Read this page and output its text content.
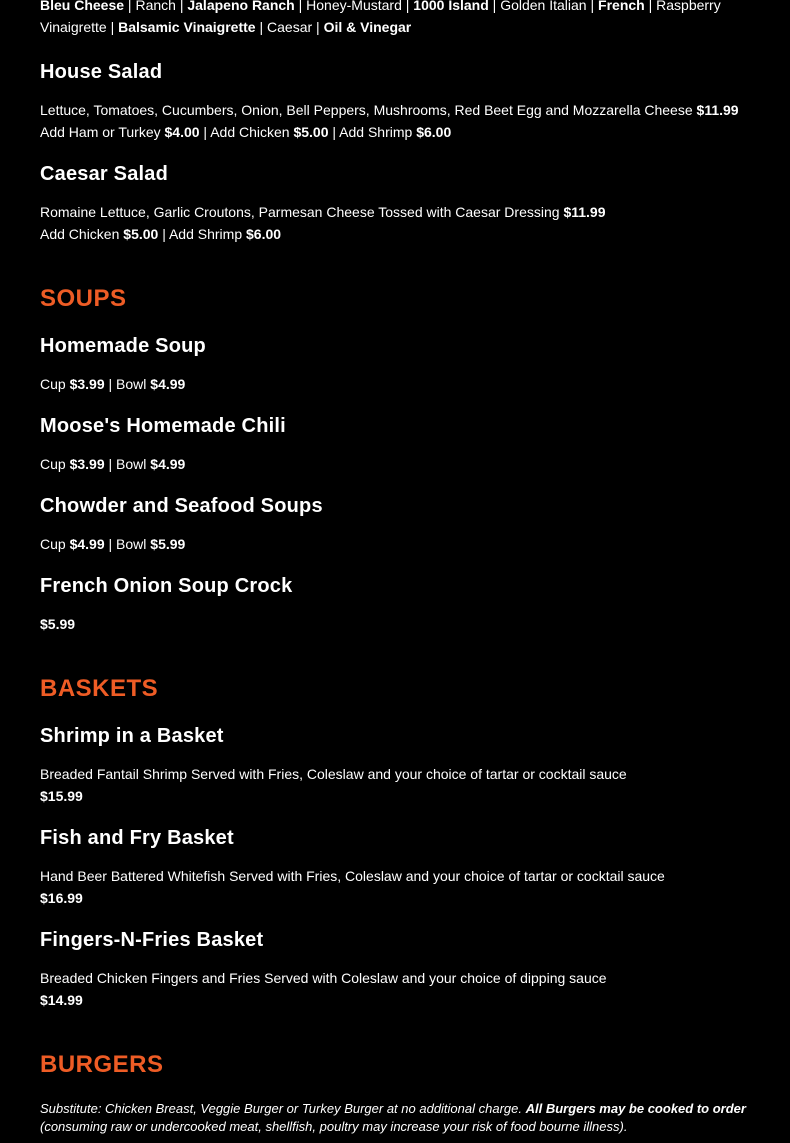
Bleu Cheese | Ranch | Jalapeno Ranch | Honey-Mustard | 1000 Island | Golden Italian | French | Raspberry Vinaigrette | Balsamic Vinaigrette | Caesar | Oil & Vinegar
House Salad
Lettuce, Tomatoes, Cucumbers, Onion, Bell Peppers, Mushrooms, Red Beet Egg and Mozzarella Cheese $11.99
Add Ham or Turkey $4.00 | Add Chicken $5.00 | Add Shrimp $6.00
Caesar Salad
Romaine Lettuce, Garlic Croutons, Parmesan Cheese Tossed with Caesar Dressing $11.99
Add Chicken $5.00 | Add Shrimp $6.00
SOUPS
Homemade Soup
Cup $3.99 | Bowl $4.99
Moose's Homemade Chili
Cup $3.99 | Bowl $4.99
Chowder and Seafood Soups
Cup $4.99 | Bowl $5.99
French Onion Soup Crock
$5.99
BASKETS
Shrimp in a Basket
Breaded Fantail Shrimp Served with Fries, Coleslaw and your choice of tartar or cocktail sauce
$15.99
Fish and Fry Basket
Hand Beer Battered Whitefish Served with Fries, Coleslaw and your choice of tartar or cocktail sauce
$16.99
Fingers-N-Fries Basket
Breaded Chicken Fingers and Fries Served with Coleslaw and your choice of dipping sauce
$14.99
BURGERS
Substitute: Chicken Breast, Veggie Burger or Turkey Burger at no additional charge. All Burgers may be cooked to order
(consuming raw or undercooked meat, shellfish, poultry may increase your risk of food bourne illness).
